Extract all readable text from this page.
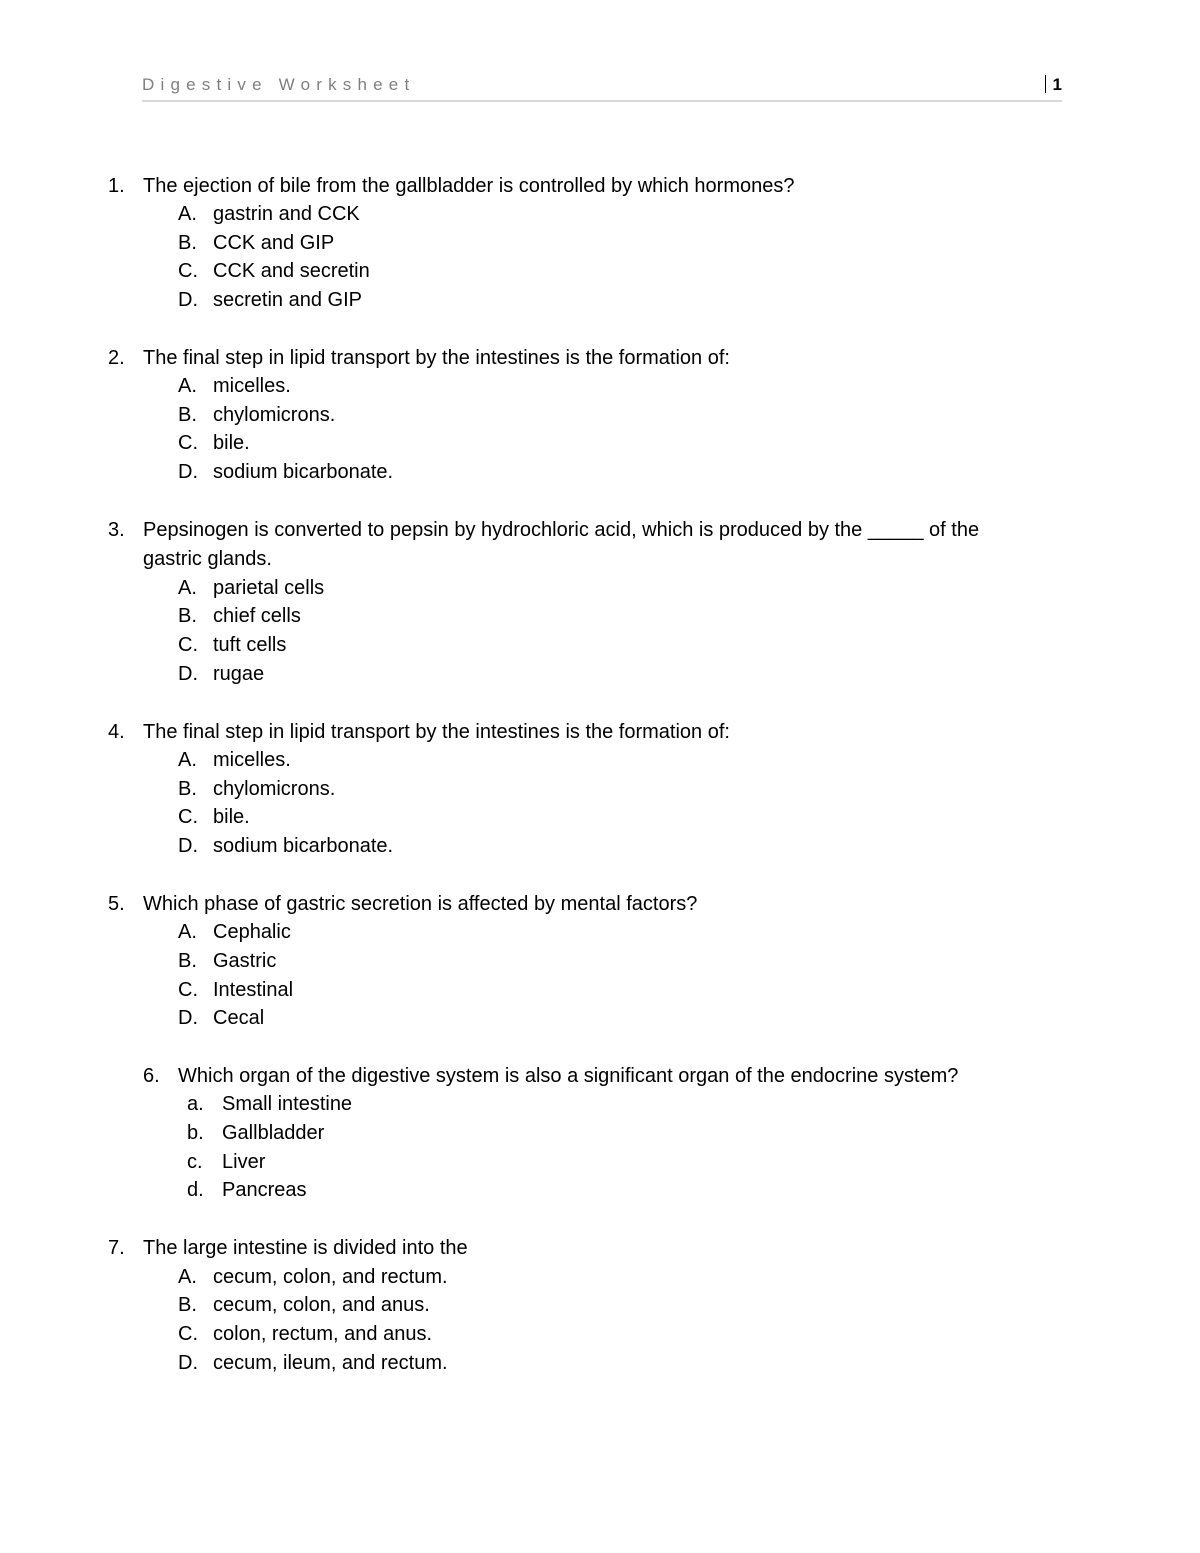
Digestive Worksheet	1
1. The ejection of bile from the gallbladder is controlled by which hormones?
A. gastrin and CCK
B. CCK and GIP
C. CCK and secretin
D. secretin and GIP
2. The final step in lipid transport by the intestines is the formation of:
A. micelles.
B. chylomicrons.
C. bile.
D. sodium bicarbonate.
3. Pepsinogen is converted to pepsin by hydrochloric acid, which is produced by the _____ of the
gastric glands.
A. parietal cells
B. chief cells
C. tuft cells
D. rugae
4. The final step in lipid transport by the intestines is the formation of:
A. micelles.
B. chylomicrons.
C. bile.
D. sodium bicarbonate.
5. Which phase of gastric secretion is affected by mental factors?
A. Cephalic
B. Gastric
C. Intestinal
D. Cecal
6. Which organ of the digestive system is also a significant organ of the endocrine system?
a. Small intestine
b. Gallbladder
c. Liver
d. Pancreas
7. The large intestine is divided into the
A. cecum, colon, and rectum.
B. cecum, colon, and anus.
C. colon, rectum, and anus.
D. cecum, ileum, and rectum.
